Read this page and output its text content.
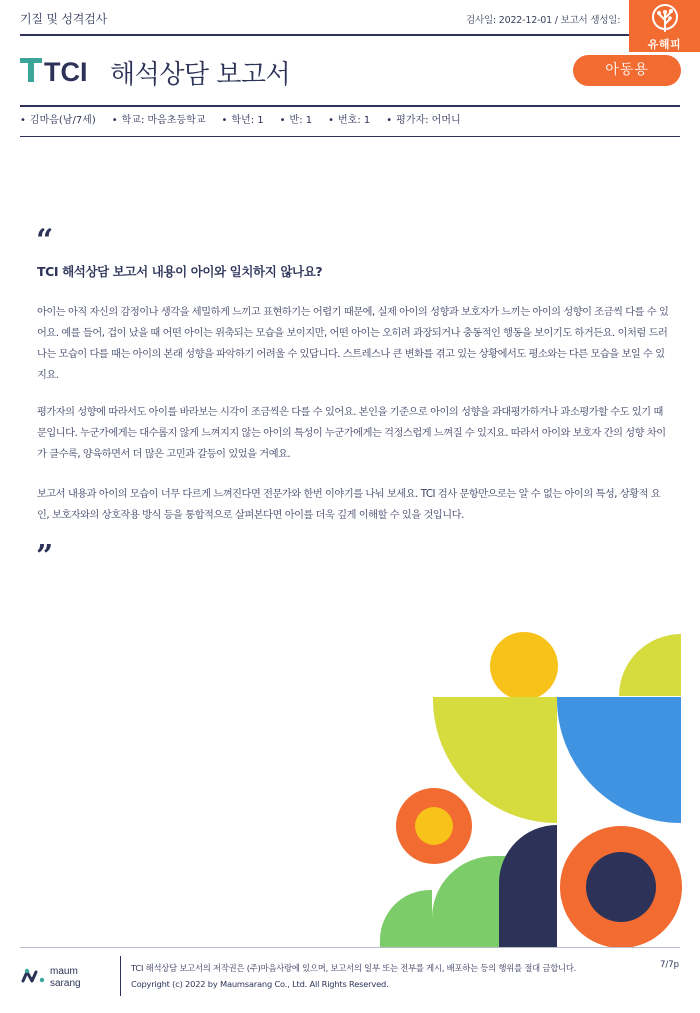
기질 및 성격검사	검사일: 2022-12-01 / 보고서 생성일:
유해피
TCI 해석상담 보고서	아동용
• 김마음(남/7세) • 학교: 마음초등학교 • 학년: 1 • 반: 1 • 번호: 1 • 평가자: 어머니
“
TCI 해석상담 보고서 내용이 아이와 일치하지 않나요?

아이는 아직 자신의 감정이나 생각을 세밀하게 느끼고 표현하기는 어렵기 때문에, 실제 아이의 성향과 보호자가 느끼는 아이의 성향이 조금씩 다를 수 있어요. 예를 들어, 겁이 났을 때 어떤 아이는 위축되는 모습을 보이지만, 어떤 아이는 오히려 과장되거나 충동적인 행동을 보이기도 하거든요. 이처럼 드러나는 모습이 다를 때는 아이의 본래 성향을 파악하기 어려울 수 있답니다. 스트레스나 큰 변화를 겪고 있는 상황에서도 평소와는 다른 모습을 보일 수 있지요.

평가자의 성향에 따라서도 아이를 바라보는 시각이 조금씩은 다를 수 있어요. 본인을 기준으로 아이의 성향을 과대평가하거나 과소평가할 수도 있기 때문입니다. 누군가에게는 대수롭지 않게 느껴지지 않는 아이의 특성이 누군가에게는 걱정스럽게 느껴질 수 있지요. 따라서 아이와 보호자 간의 성향 차이가 클수록, 양육하면서 더 많은 고민과 갈등이 있었을 거예요.

보고서 내용과 아이의 모습이 너무 다르게 느껴진다면 전문가와 한번 이야기를 나눠 보세요. TCI 검사 문항만으로는 알 수 없는 아이의 특성, 상황적 요인, 보호자와의 상호작용 방식 등을 통합적으로 살펴본다면 아이를 더욱 깊게 이해할 수 있을 것입니다.

”
maum
sarang
TCI 해석상담 보고서의 저작권은 (주)마음사랑에 있으며, 보고서의 일부 또는 전부를 게시, 배포하는 등의 행위를 절대 금합니다.
Copyright (c) 2022 by Maumsarang Co., Ltd. All Rights Reserved.
7/7p
